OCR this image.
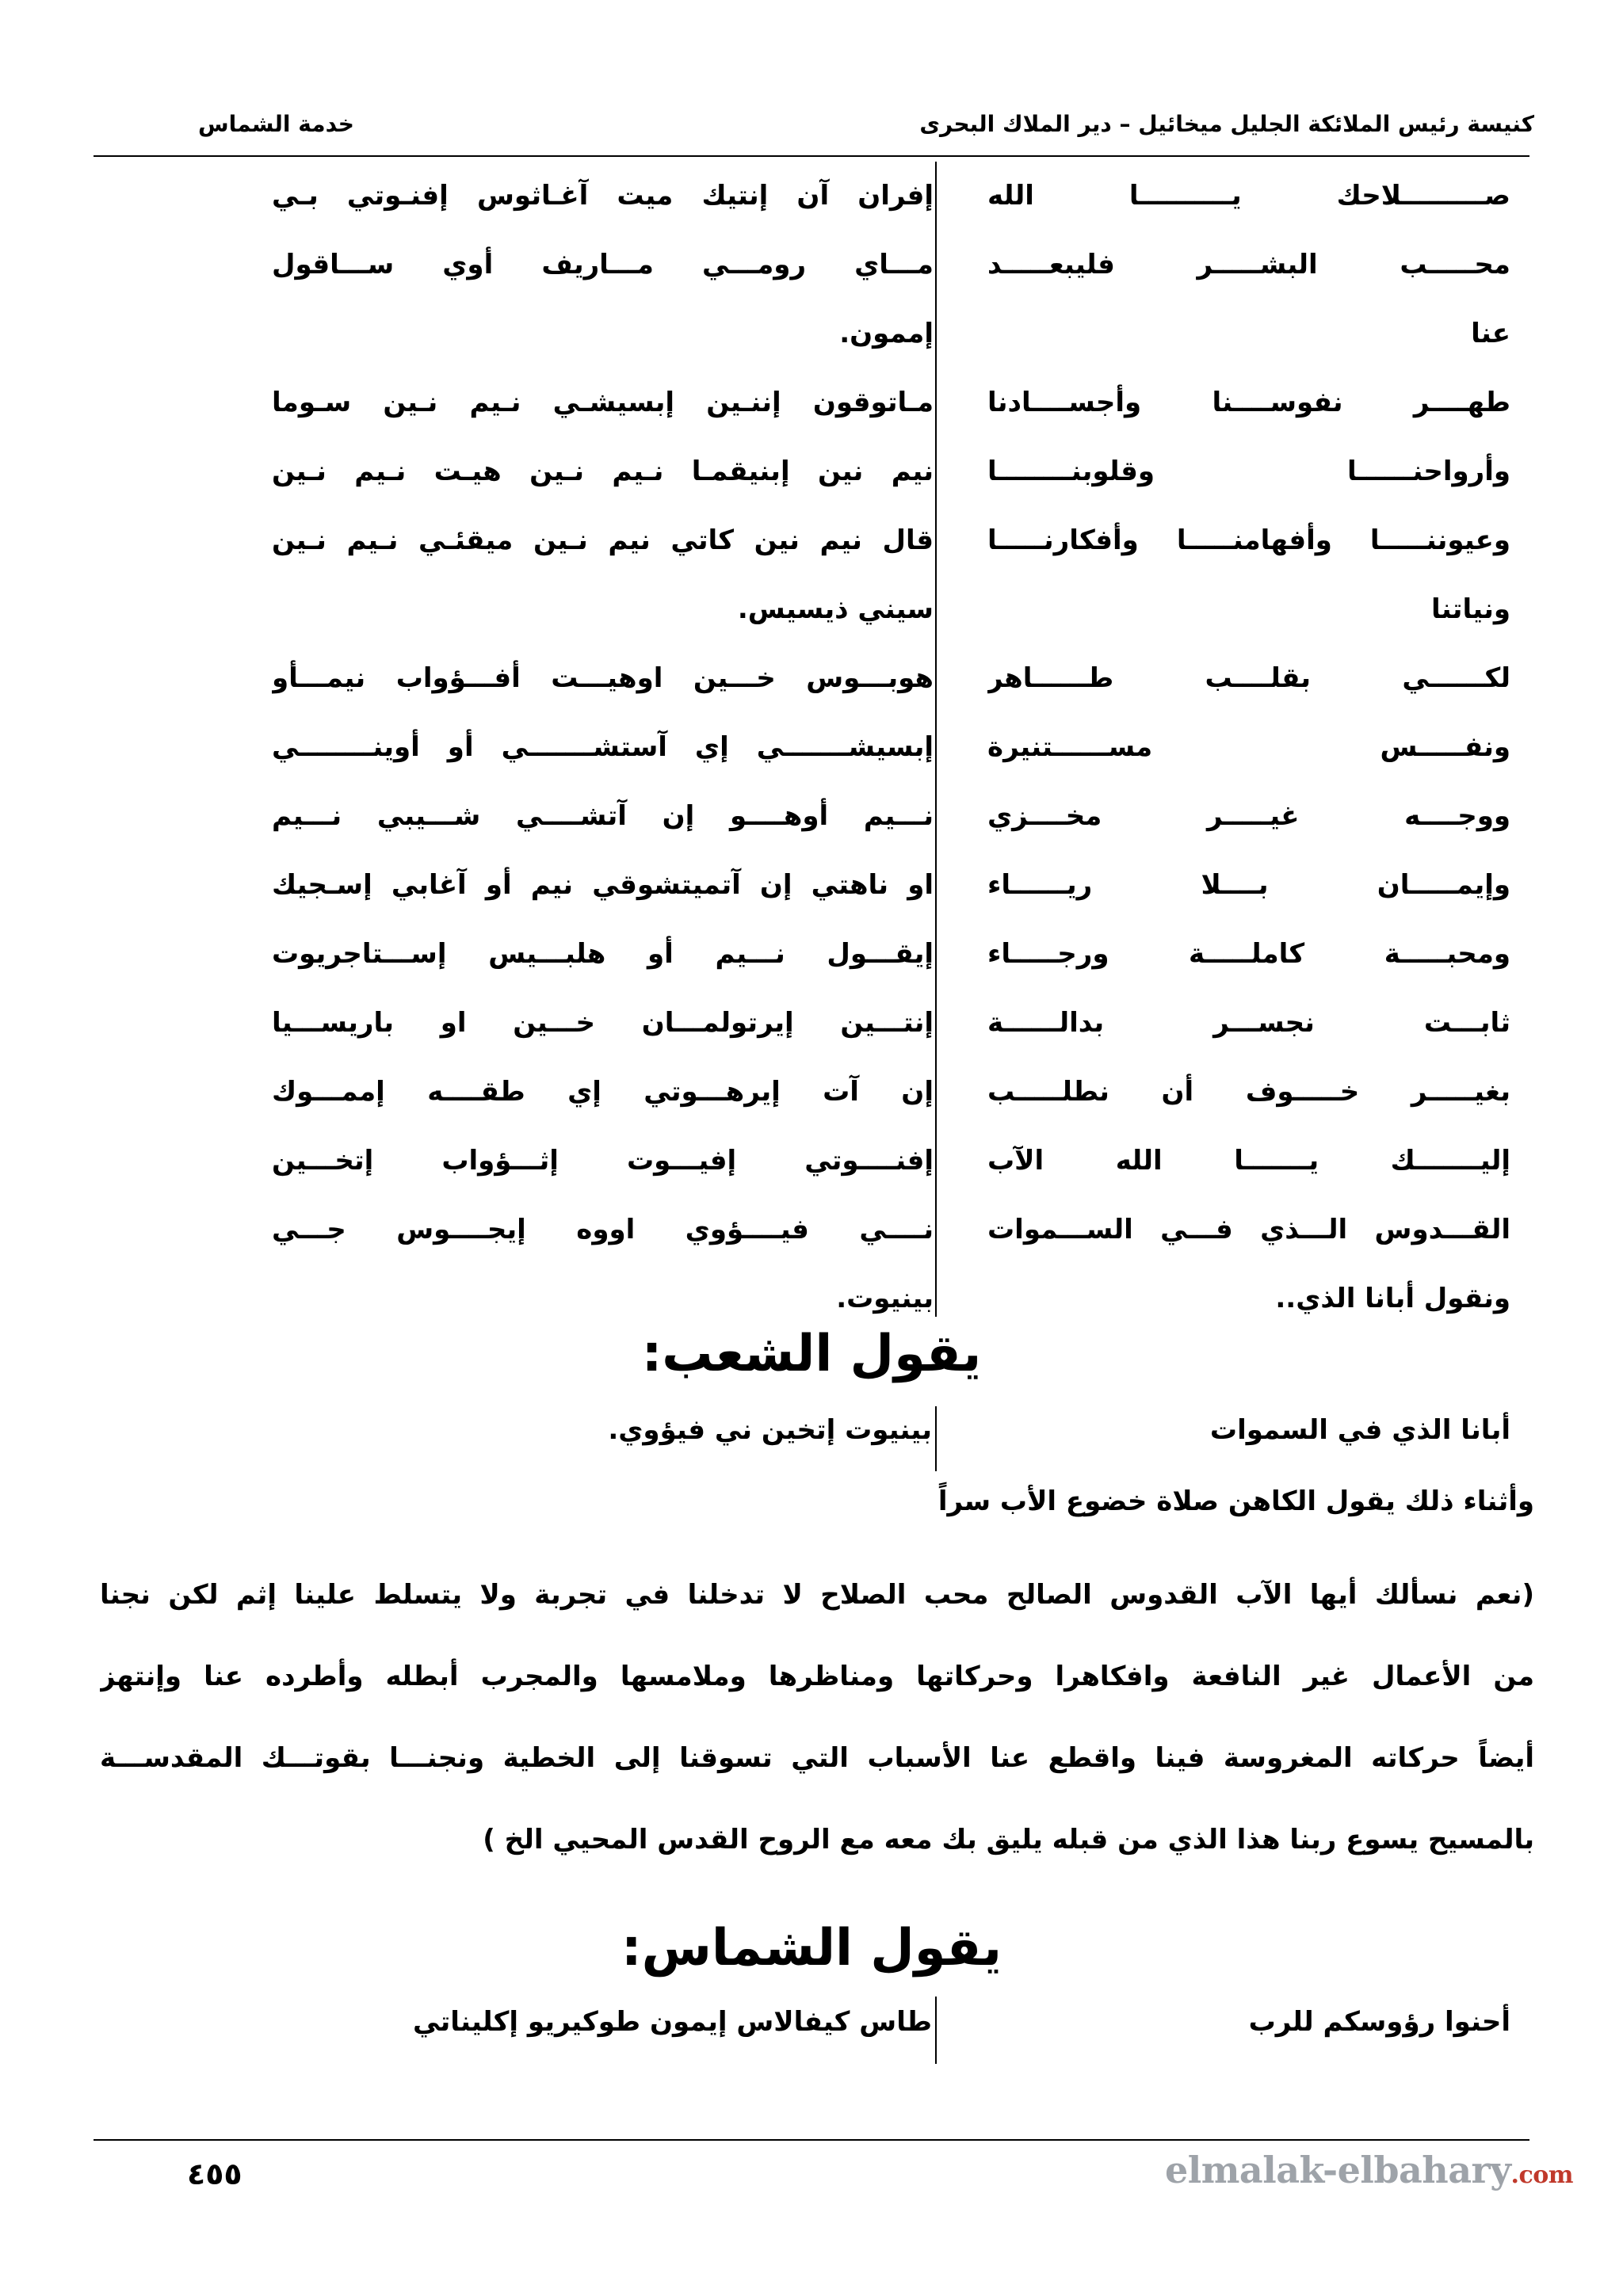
كنيسة رئيس الملائكة الجليل ميخائيل – دير الملاك البحرى
خدمة الشماس
صـــــــــلاحك يــــــــــا الله
محـــــب البشـــــر فليبعـــــد
عنا
طهــــر نفوســــنا وأجســــادنا
وأرواحنــــــا وقلوبنــــــــا
وعيوننـــــا وأفهامنـــــا وأفكارنـــــا
ونياتنا
لكــــــي بقلــــب طــــــاهر
ونفـــــس مســــــتنيرة
ووجــــه غيـــــر مخــــزي
وإيمـــــان بــــلا ريــــــاء
ومحبـــــة كاملـــــة ورجـــــاء
ثابـــت نجســـر بدالــــــة
بغيـــــر خـــــوف أن نطلـــــب
إليـــــــك يـــــــا الله الآب
القـــدوس الـــذي فـــي الســـموات
ونقول أبانا الذي..
إفران آن إنتيك ميت آغـاثوس إفنـوتي بـي
مـــاي رومـــي مـــاريف أوي ســـاقول
إممون.
مـاتوقون إننـين إبسيشـي نـيم نـين سـوما
نيم نين إبنيقمـا نـيم نـين هيـت نـيم نـين
قال نيم نين كاتي نيم نـين ميقئـي نـيم نـين
سيني ذيسيس.
هوبـــوس خـــين اوهيـــت أفـــؤواب نيمـــأو
إبسيشـــــــي إي آستشـــــــي أو أوينــــــــي
نـــيم أوهــــو إن آتشــــي شـــيبي نـــيم
او ناهتي إن آتميتشوقي نيم أو آغابي إسـجيك
إيقـــول نـــيم أو هلبـــيس إســـتاجريوت
إنتـــين إيرتولمـــان خـــين او باريســـيا
إن آت إيرهـــوتي إي طقــــه إممـــوك
إفنــــوتي إفيـــوت إثـــؤواب إتخـــين
نــــي فيــــؤوي اووه إيجــــوس جـــي
بينيوت.
يقول الشعب:
أبانا الذي في السموات
بينيوت إتخين ني فيؤوي.
وأثناء ذلك يقول الكاهن صلاة خضوع الأب سراً
(نعم نسألك أيها الآب القدوس الصالح محب الصلاح لا تدخلنا في تجربة ولا يتسلط علينا إثم لكن نجنا
من الأعمال غير النافعة وافكاهرا وحركاتها ومناظرها وملامسها والمجرب أبطله وأطرده عنا وإنتهز
أيضاً حركاته المغروسة فينا واقطع عنا الأسباب التي تسوقنا إلى الخطية ونجنـــا بقوتـــك المقدســـة
بالمسيح يسوع ربنا هذا الذي من قبله يليق بك معه مع الروح القدس المحيي الخ )
يقول الشماس:
أحنوا رؤوسكم للرب
طاس كيفالاس إيمون طوكيريو إكليناتي
٤٥٥	elmalak-elbahary.com
